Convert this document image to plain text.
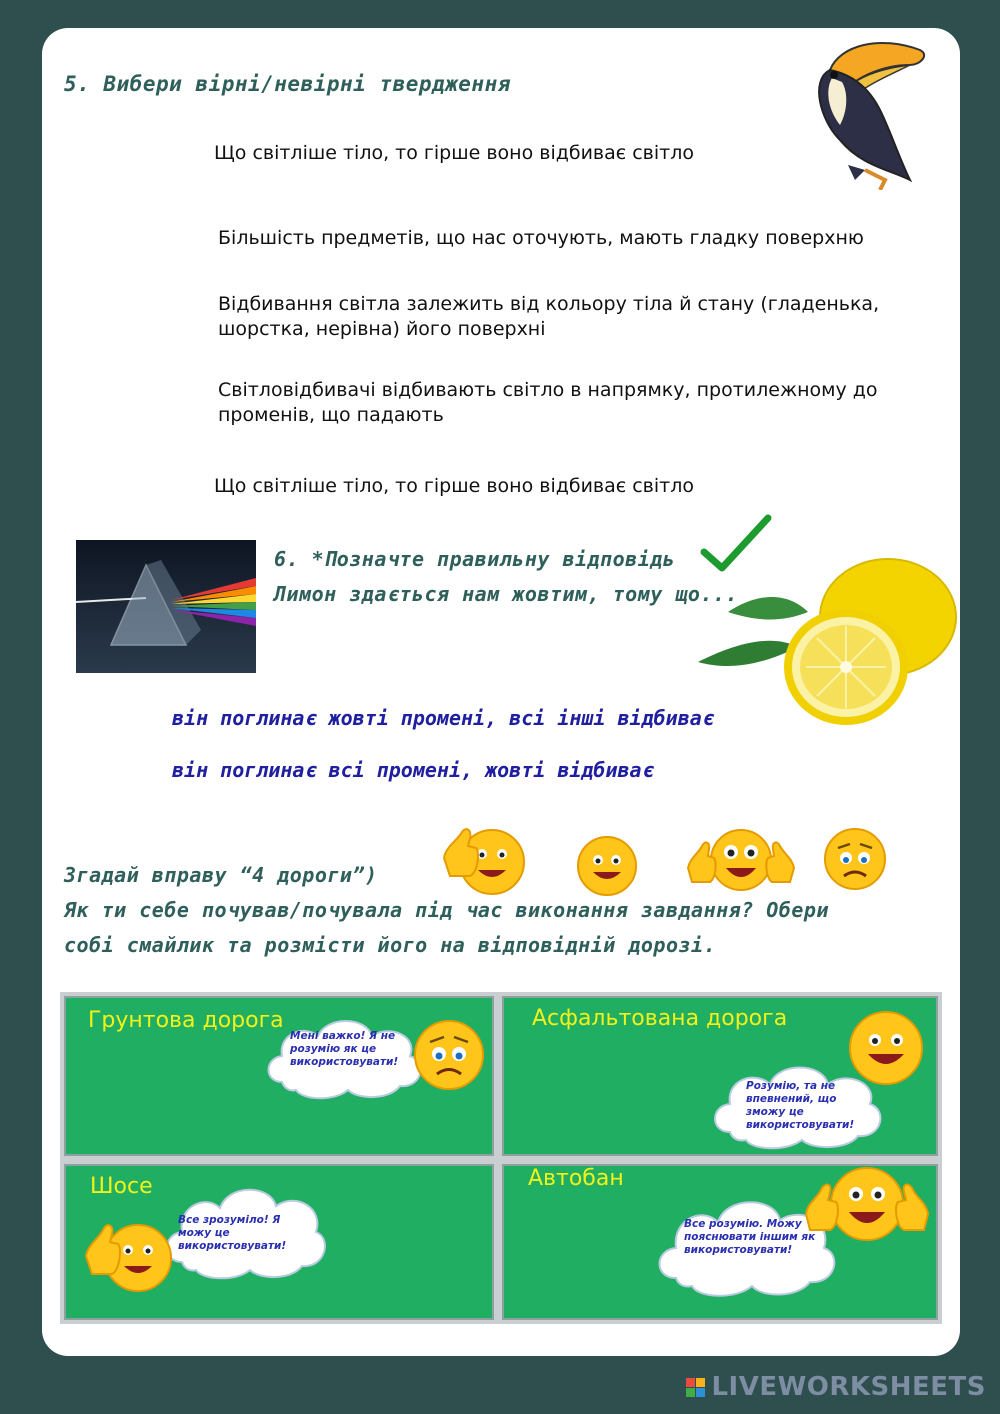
5. Вибери вірні/невірні твердження
Що світліше тіло, то гірше воно відбиває світло
Більшість предметів, що нас оточують, мають гладку поверхню
Відбивання світла залежить від кольору тіла й стану (гладенька, шорстка, нерівна) його поверхні
Світловідбивачі відбивають світло в напрямку, протилежному до променів, що падають
Що світліше тіло, то гірше воно відбиває світло
6. *Позначте правильну відповідь
Лимон здається нам жовтим, тому що...
він поглинає жовті промені, всі інші відбиває
він поглинає всі промені, жовті відбиває
Згадай вправу “4 дороги”)
Як ти себе почував/почувала під час виконання завдання? Обери
собі смайлик та розмісти його на відповідній дорозі.
Грунтова дорога
Мені важко! Я не розумію як це використовувати!
Асфальтована дорога
Розумію, та не впевнений, що зможу це використовувати!
Шосе
Все зрозуміло! Я можу це використовувати!
Автобан
Все розумію. Можу пояснювати іншим як використовувати!
LIVEWORKSHEETS
